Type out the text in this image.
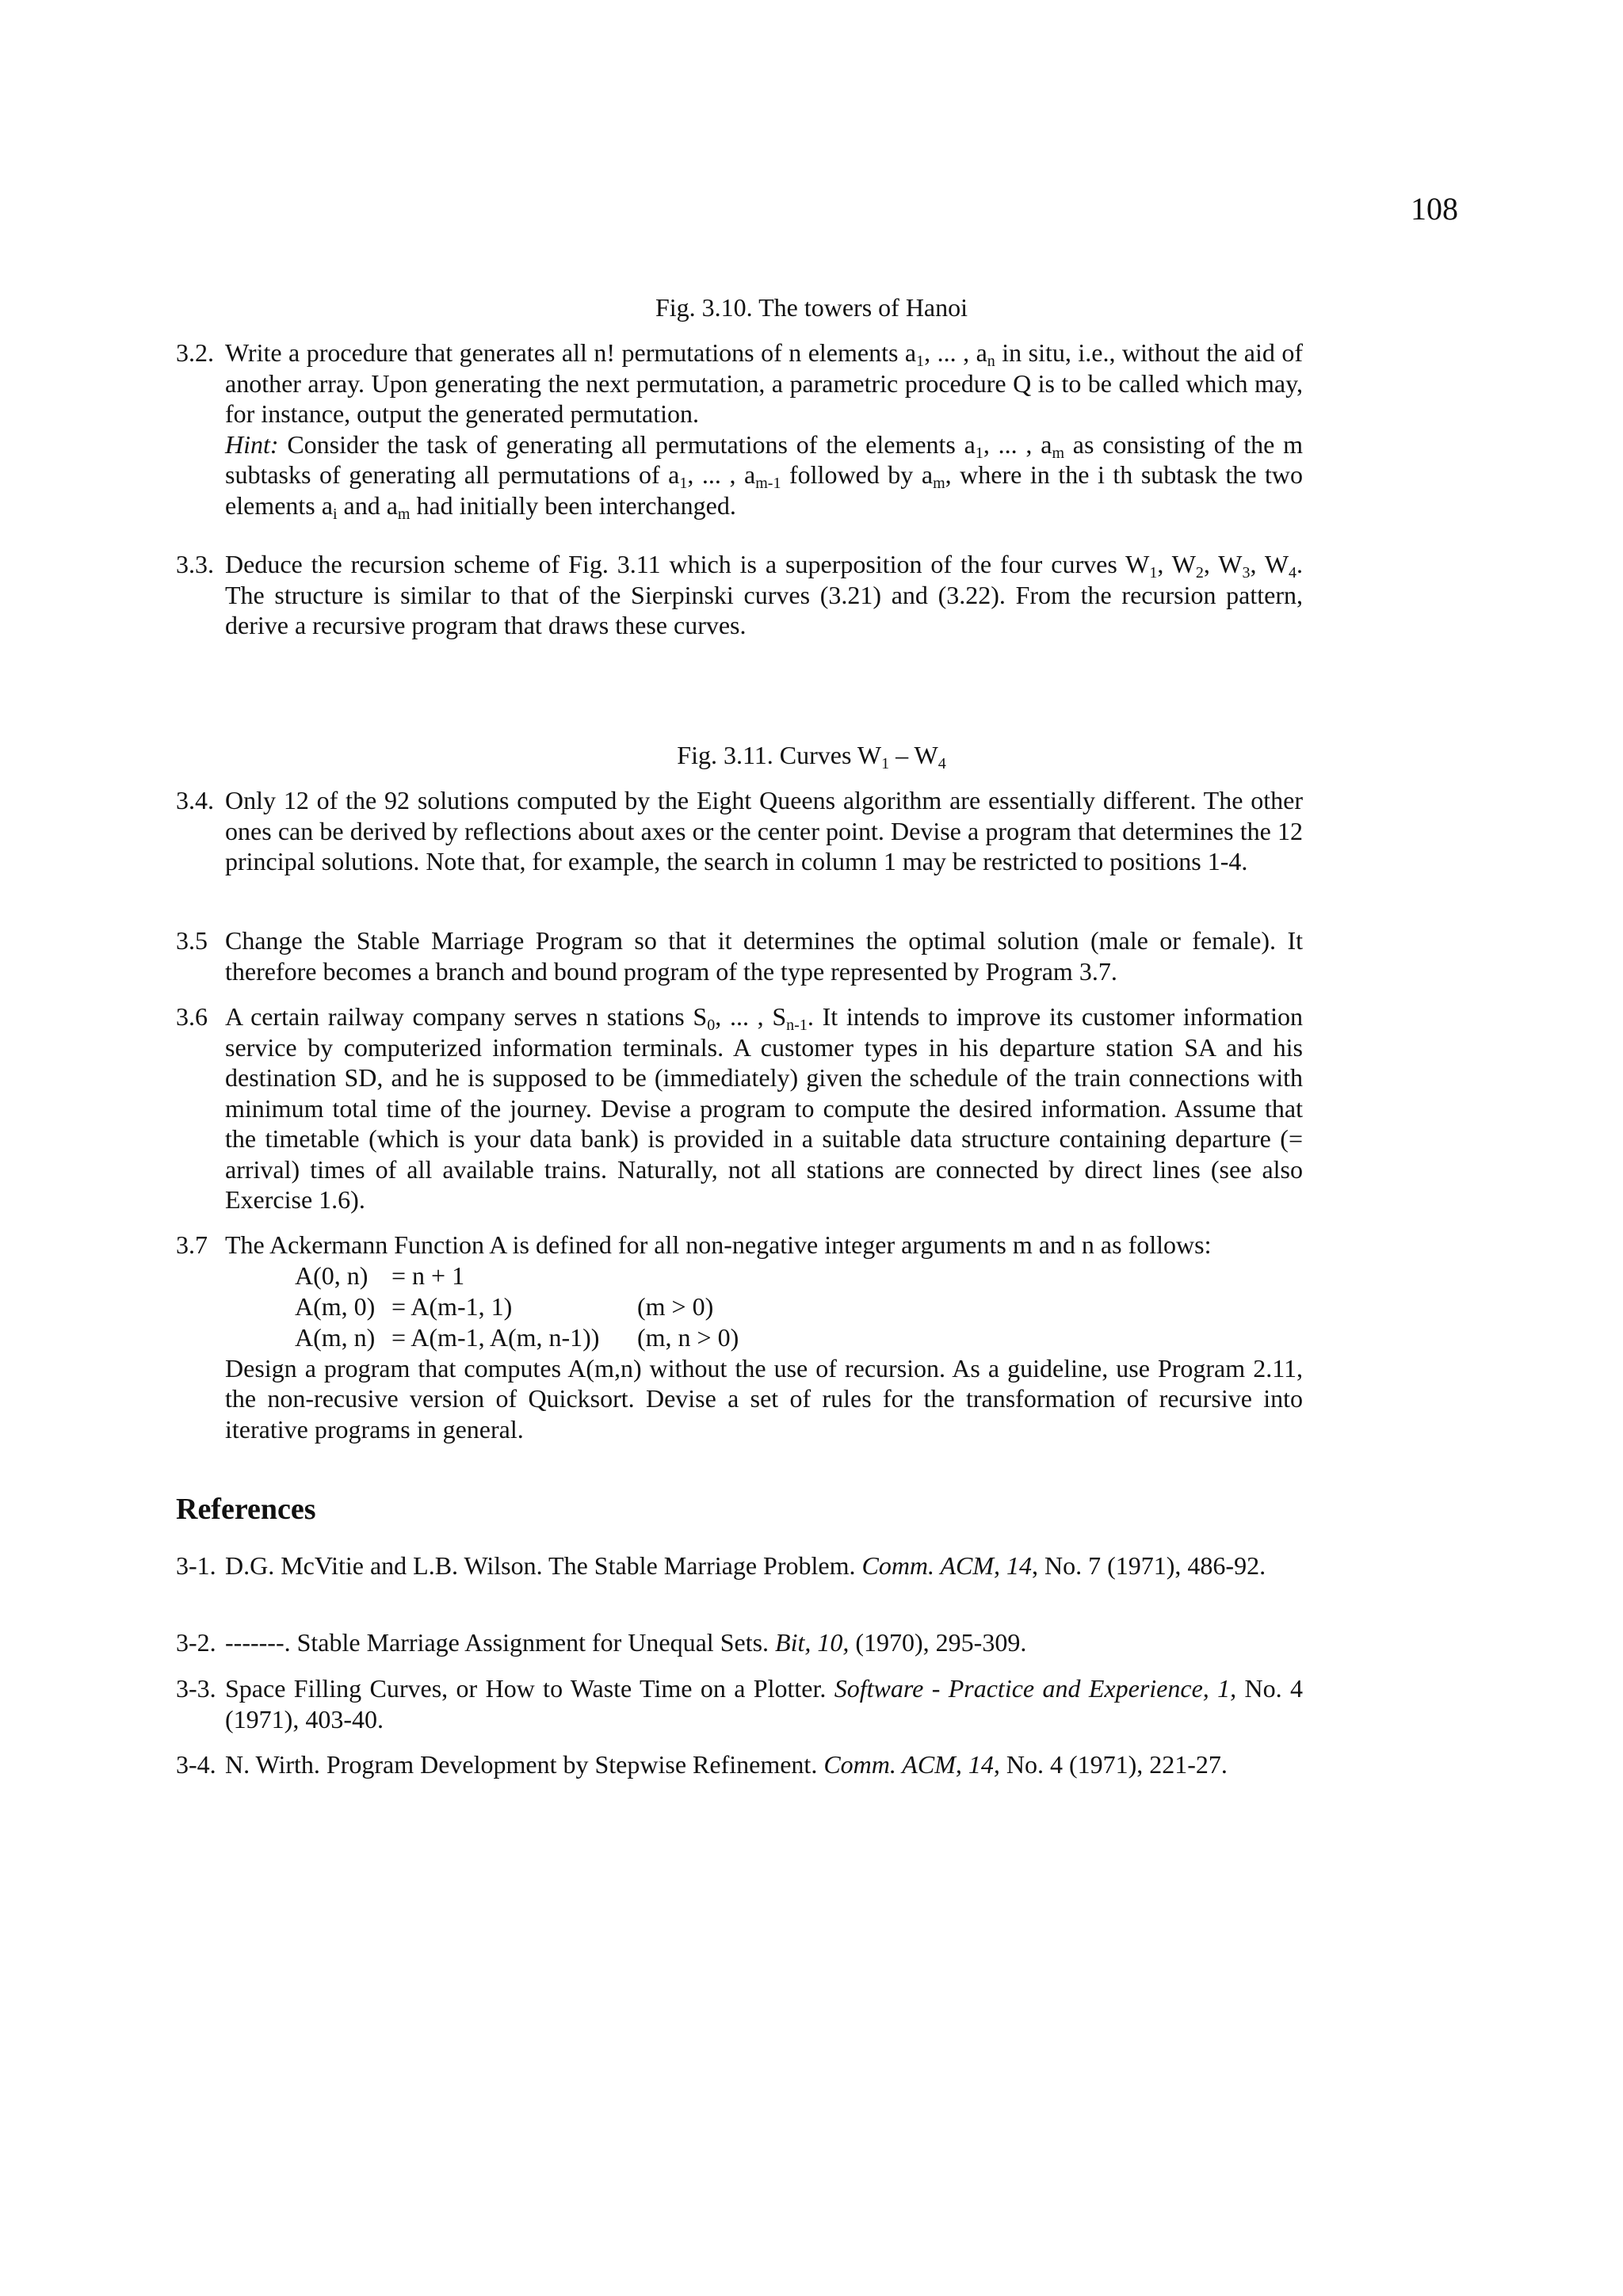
108
Fig. 3.10. The towers of Hanoi
3.2. Write a procedure that generates all n! permutations of n elements $a_1$, ... , $a_n$ in situ, i.e., without the aid of another array. Upon generating the next permutation, a parametric procedure Q is to be called which may, for instance, output the generated permutation.

Hint: Consider the task of generating all permutations of the elements $a_1$, ... , $a_m$ as consisting of the m subtasks of generating all permutations of $a_1$, ... , $a_{m-1}$ followed by $a_m$, where in the i th subtask the two elements $a_i$ and $a_m$ had initially been interchanged.

3.3. Deduce the recursion scheme of Fig. 3.11 which is a superposition of the four curves $W_1$, $W_2$, $W_3$, $W_4$. The structure is similar to that of the Sierpinski curves (3.21) and (3.22). From the recursion pattern, derive a recursive program that draws these curves.

Fig. 3.11. Curves $W_1 - W_4$
3.4. Only 12 of the 92 solutions computed by the Eight Queens algorithm are essentially different. The other ones can be derived by reflections about axes or the center point. Devise a program that determines the 12 principal solutions. Note that, for example, the search in column 1 may be restricted to positions 1-4.

3.5 Change the Stable Marriage Program so that it determines the optimal solution (male or female). It therefore becomes a branch and bound program of the type represented by Program 3.7.

3.6 A certain railway company serves n stations $S_0$, ... , $S_{n-1}$. It intends to improve its customer information service by computerized information terminals. A customer types in his departure station SA and his destination SD, and he is supposed to be (immediately) given the schedule of the train connections with minimum total time of the journey. Devise a program to compute the desired information. Assume that the timetable (which is your data bank) is provided in a suitable data structure containing departure (= arrival) times of all available trains. Naturally, not all stations are connected by direct lines (see also Exercise 1.6).

3.7 The Ackermann Function A is defined for all non-negative integer arguments m and n as follows:

A(0, n) = n + 1
A(m, 0) = A(m-1, 1)	(m > 0)
A(m, n) = A(m-1, A(m, n-1))	(m, n > 0)

Design a program that computes A(m,n) without the use of recursion. As a guideline, use Program 2.11, the non-recusive version of Quicksort. Devise a set of rules for the transformation of recursive into iterative programs in general.

References
3-1. D.G. McVitie and L.B. Wilson. The Stable Marriage Problem. Comm. ACM, 14, No. 7 (1971), 486-92.
3-2. -------. Stable Marriage Assignment for Unequal Sets. Bit, 10, (1970), 295-309.
3-3. Space Filling Curves, or How to Waste Time on a Plotter. Software - Practice and Experience, 1, No. 4 (1971), 403-40.
3-4. N. Wirth. Program Development by Stepwise Refinement. Comm. ACM, 14, No. 4 (1971), 221-27.
